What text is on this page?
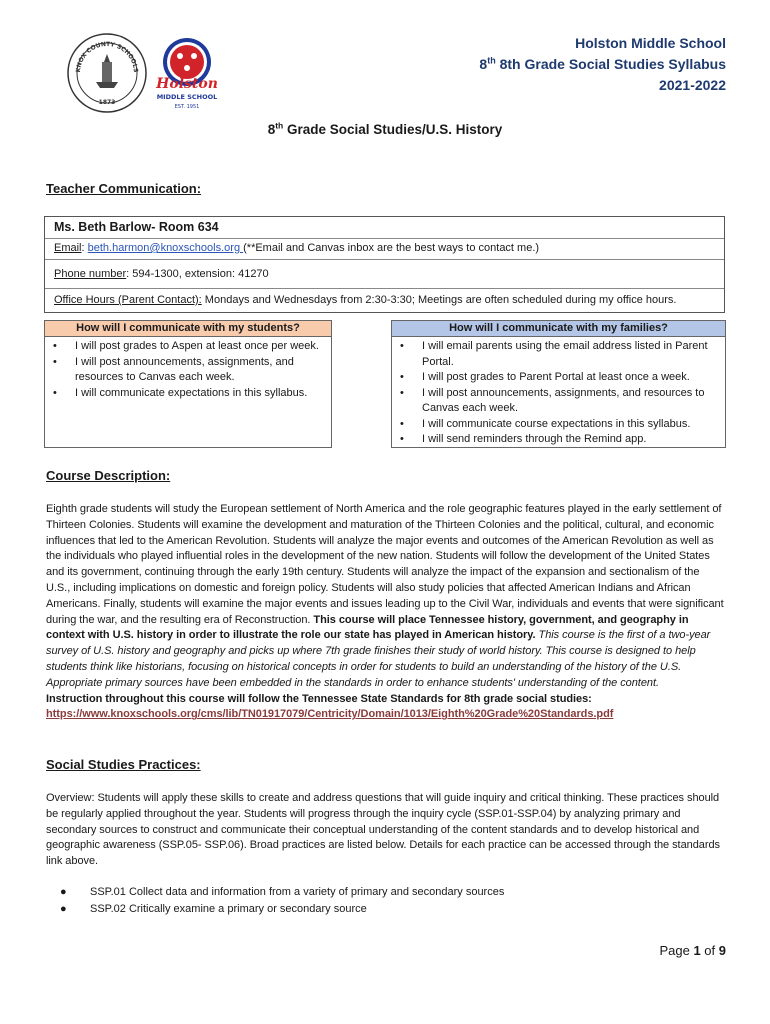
KNOX COUNTY SCHOOLS
1873
Holston
MIDDLE SCHOOL
EST. 1951
Holston Middle School
8th 8th Grade Social Studies Syllabus
2021-2022
8th Grade Social Studies/U.S. History
Teacher Communication:
Ms. Beth Barlow- Room 634
Email: beth.harmon@knoxschools.org (**Email and Canvas inbox are the best ways to contact me.)
Phone number: 594-1300, extension: 41270
Office Hours (Parent Contact): Mondays and Wednesdays from 2:30-3:30; Meetings are often scheduled during my office hours.
How will I communicate with my students?
• I will post grades to Aspen at least once per week.
• I will post announcements, assignments, and resources to Canvas each week.
• I will communicate expectations in this syllabus.
How will I communicate with my families?
• I will email parents using the email address listed in Parent Portal.
• I will post grades to Parent Portal at least once a week.
• I will post announcements, assignments, and resources to Canvas each week.
• I will communicate course expectations in this syllabus.
• I will send reminders through the Remind app.
Course Description:
Eighth grade students will study the European settlement of North America and the role geographic features played in the early settlement of Thirteen Colonies. Students will examine the development and maturation of the Thirteen Colonies and the political, cultural, and economic influences that led to the American Revolution. Students will analyze the major events and outcomes of the American Revolution as well as the individuals who played influential roles in the development of the new nation. Students will follow the development of the United States and its government, continuing through the early 19th century. Students will analyze the impact of the expansion and sectionalism of the U.S., including implications on domestic and foreign policy. Students will also study policies that affected American Indians and African Americans. Finally, students will examine the major events and issues leading up to the Civil War, individuals and events that were significant during the war, and the resulting era of Reconstruction. This course will place Tennessee history, government, and geography in context with U.S. history in order to illustrate the role our state has played in American history. This course is the first of a two-year survey of U.S. history and geography and picks up where 7th grade finishes their study of world history. This course is designed to help students think like historians, focusing on historical concepts in order for students to build an understanding of the history of the U.S. Appropriate primary sources have been embedded in the standards in order to enhance students' understanding of the content.
Instruction throughout this course will follow the Tennessee State Standards for 8th grade social studies:
https://www.knoxschools.org/cms/lib/TN01917079/Centricity/Domain/1013/Eighth%20Grade%20Standards.pdf
Social Studies Practices:
Overview: Students will apply these skills to create and address questions that will guide inquiry and critical thinking. These practices should be regularly applied throughout the year. Students will progress through the inquiry cycle (SSP.01-SSP.04) by analyzing primary and secondary sources to construct and communicate their conceptual understanding of the content standards and to develop historical and geographic awareness (SSP.05- SSP.06). Broad practices are listed below. Details for each practice can be accessed through the standards link above.
● SSP.01 Collect data and information from a variety of primary and secondary sources
● SSP.02 Critically examine a primary or secondary source
Page 1 of 9
